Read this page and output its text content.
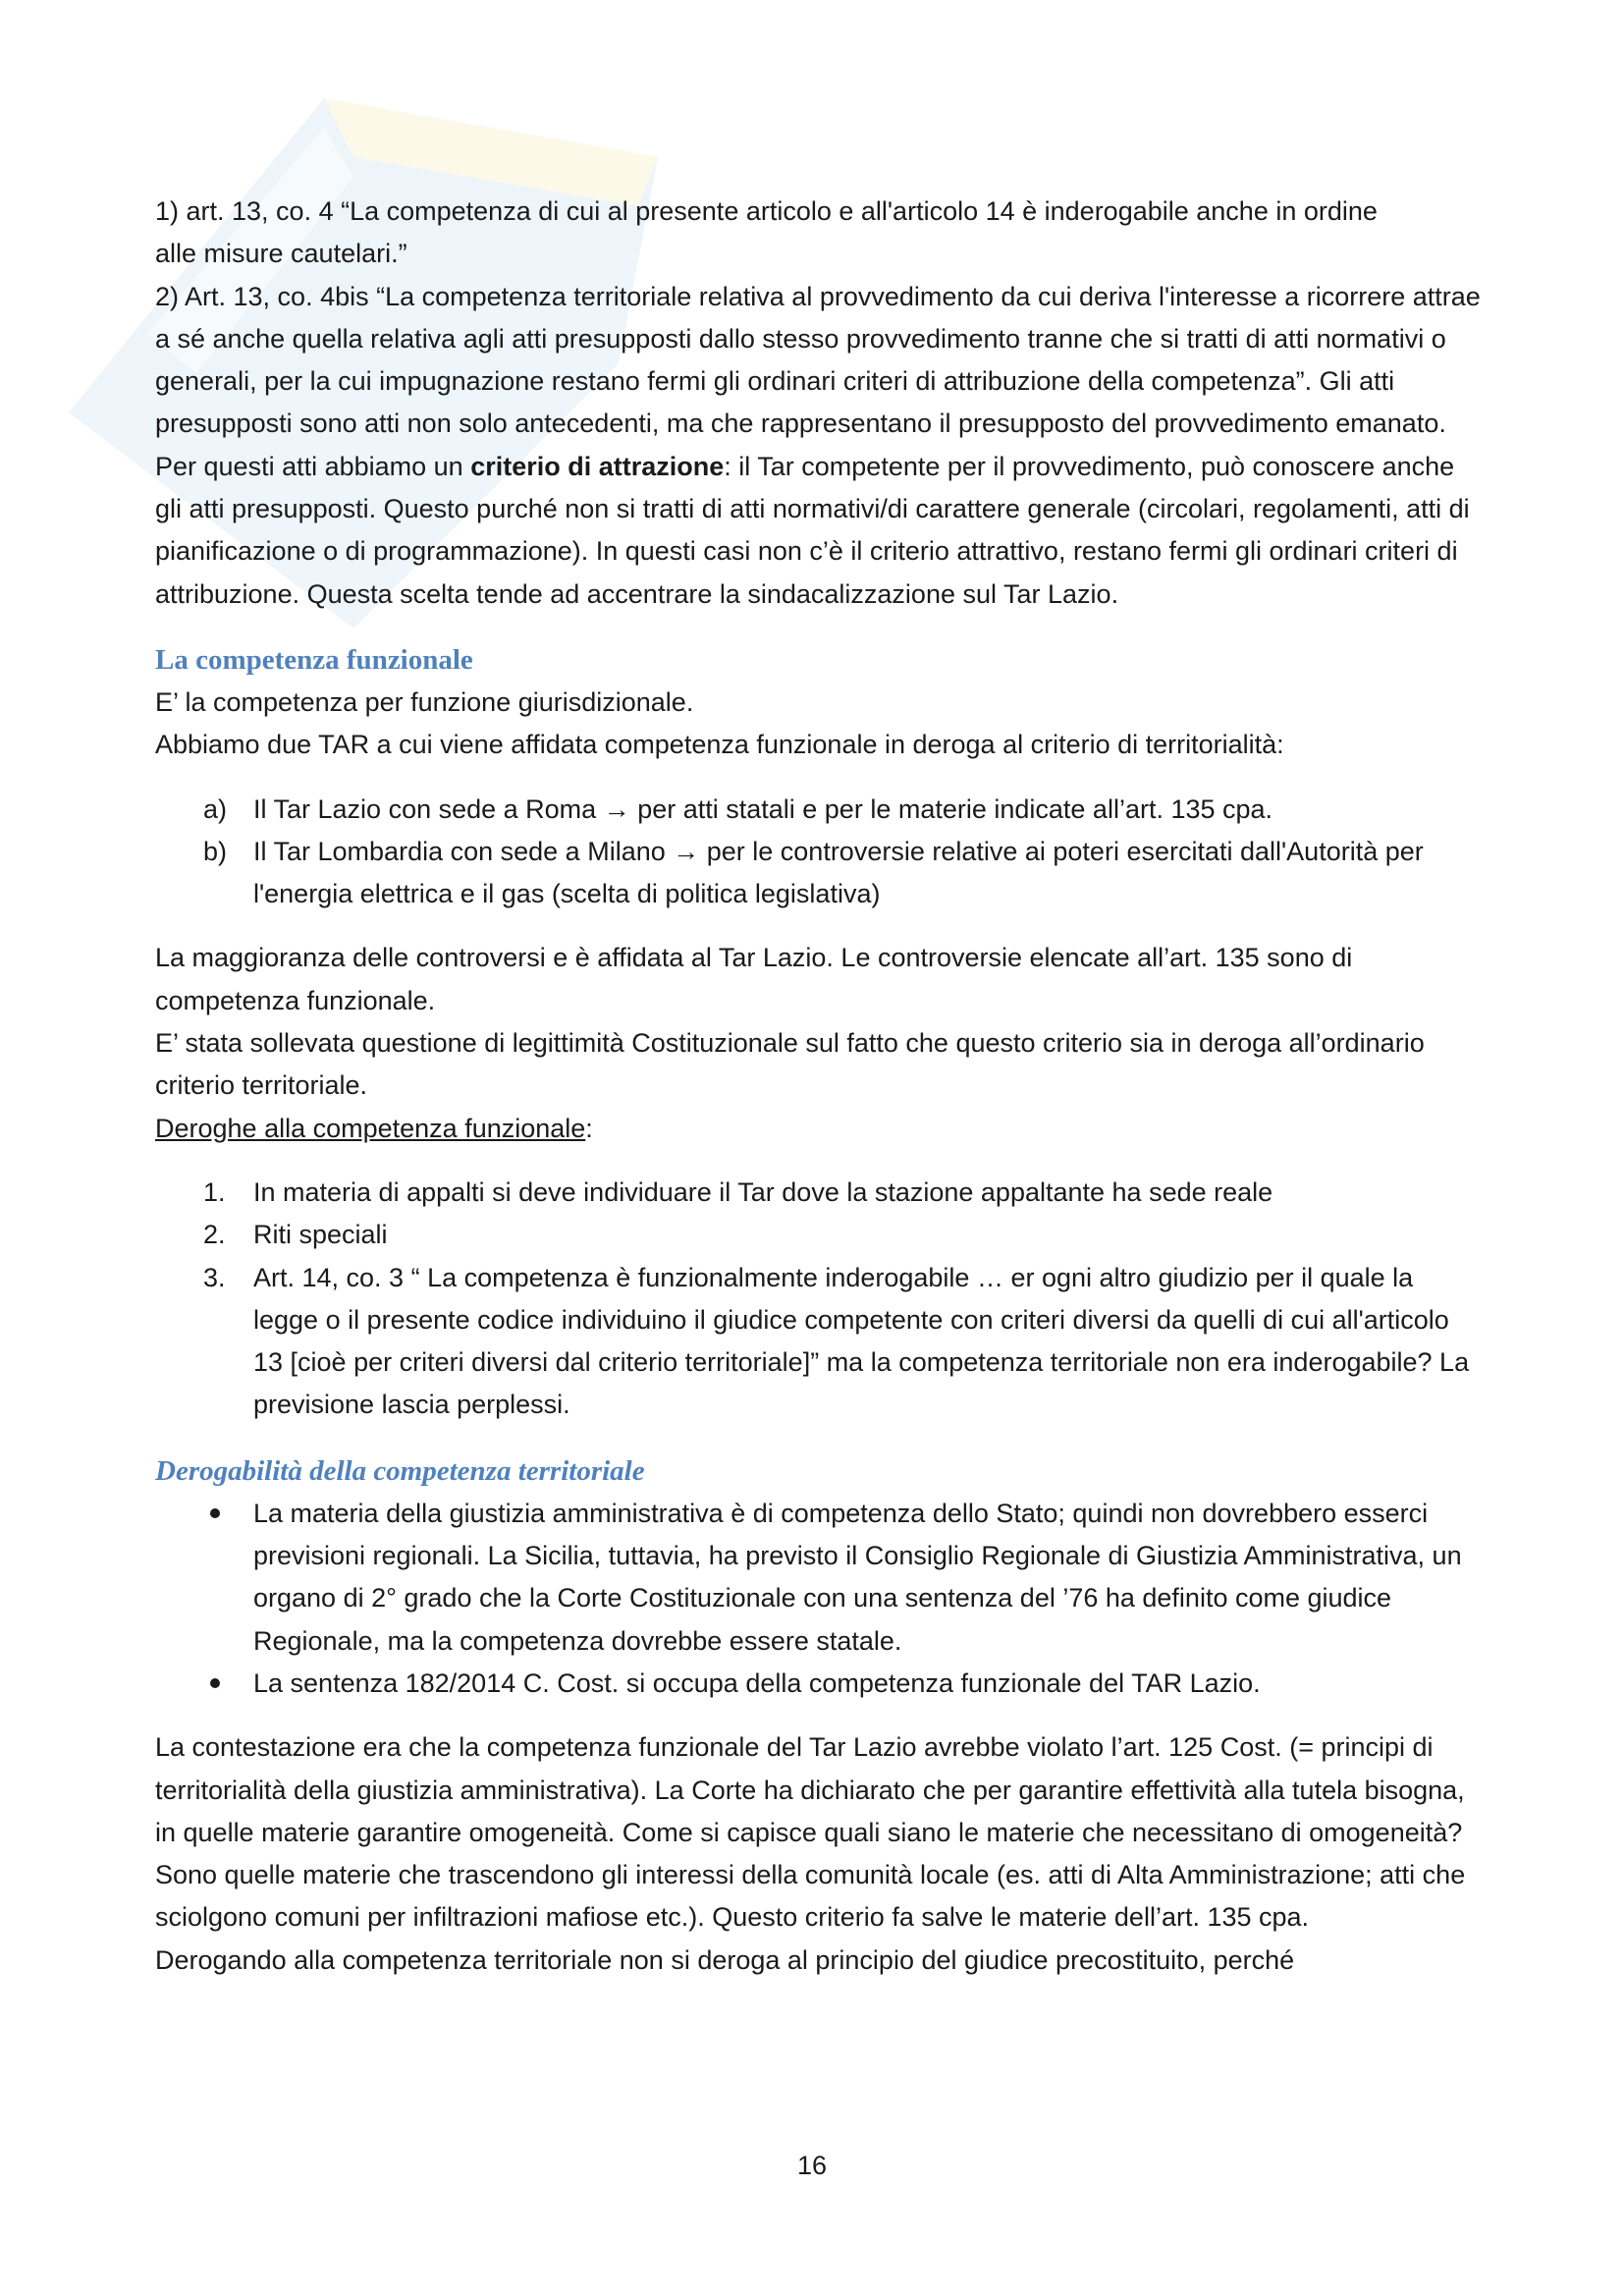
1) art. 13, co. 4 “La competenza di cui al presente articolo e all'articolo 14 è inderogabile anche in ordine
alle misure cautelari.”

2) Art. 13, co. 4bis “La competenza territoriale relativa al provvedimento da cui deriva l'interesse a ricorrere attrae a sé anche quella relativa agli atti presupposti dallo stesso provvedimento tranne che si tratti di atti normativi o generali, per la cui impugnazione restano fermi gli ordinari criteri di attribuzione della competenza”. Gli atti presupposti sono atti non solo antecedenti, ma che rappresentano il presupposto del provvedimento emanato. Per questi atti abbiamo un criterio di attrazione: il Tar competente per il provvedimento, può conoscere anche gli atti presupposti. Questo purché non si tratti di atti normativi/di carattere generale (circolari, regolamenti, atti di pianificazione o di programmazione). In questi casi non c’è il criterio attrattivo, restano fermi gli ordinari criteri di attribuzione. Questa scelta tende ad accentrare la sindacalizzazione sul Tar Lazio.

La competenza funzionale

E’ la competenza per funzione giurisdizionale.

Abbiamo due TAR a cui viene affidata competenza funzionale in deroga al criterio di territorialità:

a) Il Tar Lazio con sede a Roma → per atti statali e per le materie indicate all’art. 135 cpa.
b) Il Tar Lombardia con sede a Milano → per le controversie relative ai poteri esercitati dall'Autorità per l'energia elettrica e il gas (scelta di politica legislativa)

La maggioranza delle controversi e è affidata al Tar Lazio. Le controversie elencate all’art. 135 sono di competenza funzionale.

E’ stata sollevata questione di legittimità Costituzionale sul fatto che questo criterio sia in deroga all’ordinario criterio territoriale.

Deroghe alla competenza funzionale:

1. In materia di appalti si deve individuare il Tar dove la stazione appaltante ha sede reale
2. Riti speciali
3. Art. 14, co. 3 “ La competenza è funzionalmente inderogabile … er ogni altro giudizio per il quale la legge o il presente codice individuino il giudice competente con criteri diversi da quelli di cui all'articolo 13 [cioè per criteri diversi dal criterio territoriale]” ma la competenza territoriale non era inderogabile? La previsione lascia perplessi.

Derogabilità della competenza territoriale

La materia della giustizia amministrativa è di competenza dello Stato; quindi non dovrebbero esserci previsioni regionali. La Sicilia, tuttavia, ha previsto il Consiglio Regionale di Giustizia Amministrativa, un organo di 2° grado che la Corte Costituzionale con una sentenza del ’76 ha definito come giudice Regionale, ma la competenza dovrebbe essere statale.
La sentenza 182/2014 C. Cost. si occupa della competenza funzionale del TAR Lazio.

La contestazione era che la competenza funzionale del Tar Lazio avrebbe violato l’art. 125 Cost. (= principi di territorialità della giustizia amministrativa). La Corte ha dichiarato che per garantire effettività alla tutela bisogna, in quelle materie garantire omogeneità. Come si capisce quali siano le materie che necessitano di omogeneità? Sono quelle materie che trascendono gli interessi della comunità locale (es. atti di Alta Amministrazione; atti che sciolgono comuni per infiltrazioni mafiose etc.). Questo criterio fa salve le materie dell’art. 135 cpa.

Derogando alla competenza territoriale non si deroga al principio del giudice precostituito, perché

16
